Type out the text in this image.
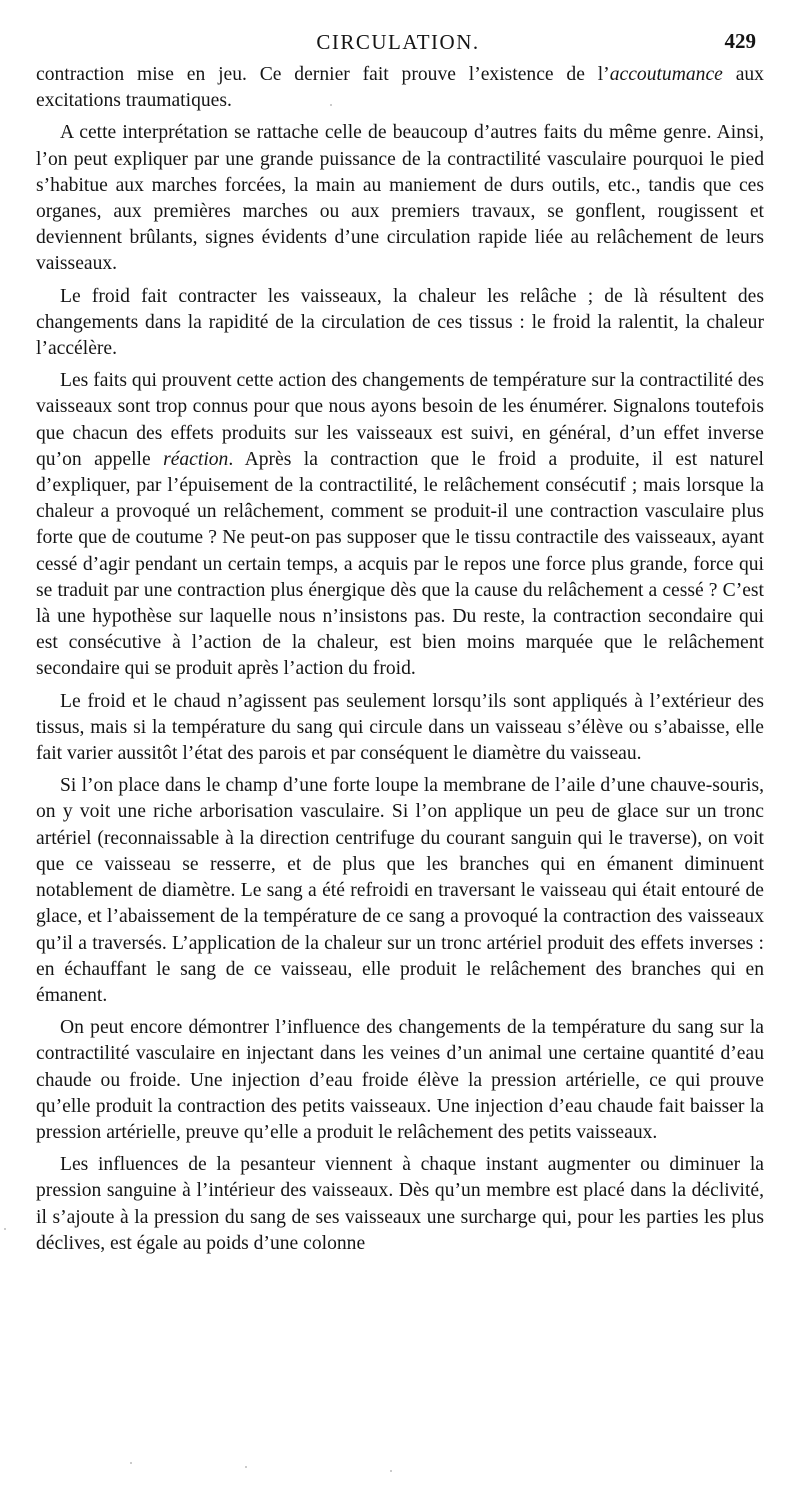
CIRCULATION.	429

contraction mise en jeu. Ce dernier fait prouve l’existence de l’accoutumance aux excitations traumatiques.

A cette interprétation se rattache celle de beaucoup d’autres faits du même genre. Ainsi, l’on peut expliquer par une grande puissance de la contractilité vasculaire pourquoi le pied s’habitue aux marches forcées, la main au maniement de durs outils, etc., tandis que ces organes, aux premières marches ou aux premiers travaux, se gonflent, rougissent et deviennent brûlants, signes évidents d’une circulation rapide liée au relâchement de leurs vaisseaux.

Le froid fait contracter les vaisseaux, la chaleur les relâche ; de là résultent des changements dans la rapidité de la circulation de ces tissus : le froid la ralentit, la chaleur l’accélère.

Les faits qui prouvent cette action des changements de température sur la contractilité des vaisseaux sont trop connus pour que nous ayons besoin de les énumérer. Signalons toutefois que chacun des effets produits sur les vaisseaux est suivi, en général, d’un effet inverse qu’on appelle réaction. Après la contraction que le froid a produite, il est naturel d’expliquer, par l’épuisement de la contractilité, le relâchement consécutif ; mais lorsque la chaleur a provoqué un relâchement, comment se produit-il une contraction vasculaire plus forte que de coutume ? Ne peut-on pas supposer que le tissu contractile des vaisseaux, ayant cessé d’agir pendant un certain temps, a acquis par le repos une force plus grande, force qui se traduit par une contraction plus énergique dès que la cause du relâchement a cessé ? C’est là une hypothèse sur laquelle nous n’insistons pas. Du reste, la contraction secondaire qui est consécutive à l’action de la chaleur, est bien moins marquée que le relâchement secondaire qui se produit après l’action du froid.

Le froid et le chaud n’agissent pas seulement lorsqu’ils sont appliqués à l’extérieur des tissus, mais si la température du sang qui circule dans un vaisseau s’élève ou s’abaisse, elle fait varier aussitôt l’état des parois et par conséquent le diamètre du vaisseau.

Si l’on place dans le champ d’une forte loupe la membrane de l’aile d’une chauve-souris, on y voit une riche arborisation vasculaire. Si l’on applique un peu de glace sur un tronc artériel (reconnaissable à la direction centrifuge du courant sanguin qui le traverse), on voit que ce vaisseau se resserre, et de plus que les branches qui en émanent diminuent notablement de diamètre. Le sang a été refroidi en traversant le vaisseau qui était entouré de glace, et l’abaissement de la température de ce sang a provoqué la contraction des vaisseaux qu’il a traversés. L’application de la chaleur sur un tronc artériel produit des effets inverses : en échauffant le sang de ce vaisseau, elle produit le relâchement des branches qui en émanent.

On peut encore démontrer l’influence des changements de la température du sang sur la contractilité vasculaire en injectant dans les veines d’un animal une certaine quantité d’eau chaude ou froide. Une injection d’eau froide élève la pression artérielle, ce qui prouve qu’elle produit la contraction des petits vaisseaux. Une injection d’eau chaude fait baisser la pression artérielle, preuve qu’elle a produit le relâchement des petits vaisseaux.

Les influences de la pesanteur viennent à chaque instant augmenter ou diminuer la pression sanguine à l’intérieur des vaisseaux. Dès qu’un membre est placé dans la déclivité, il s’ajoute à la pression du sang de ses vaisseaux une surcharge qui, pour les parties les plus déclives, est égale au poids d’une colonne
